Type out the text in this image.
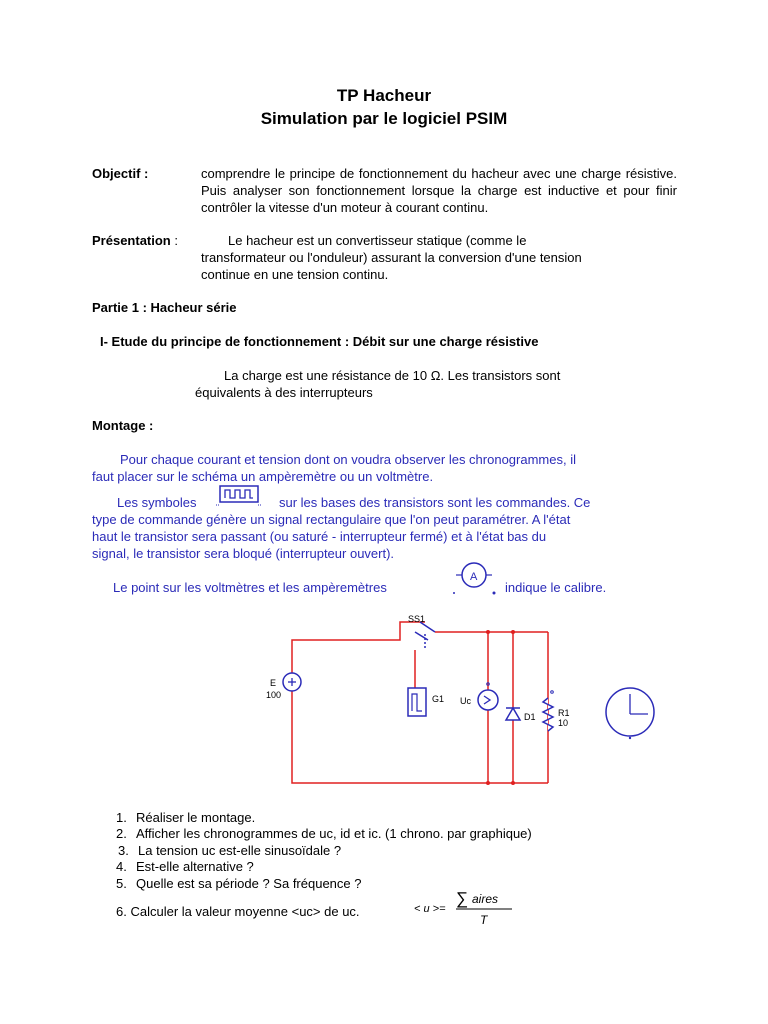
TP Hacheur
Simulation par le logiciel PSIM
Objectif :	comprendre le principe de fonctionnement du hacheur avec une charge résistive. Puis analyser son fonctionnement lorsque la charge est inductive et pour finir contrôler la vitesse d'un moteur à courant continu.
Présentation :	Le hacheur est un convertisseur statique (comme le
transformateur ou l'onduleur) assurant la conversion d'une tension
continue en une tension continu.
Partie 1 : Hacheur série
I- Etude du principe de fonctionnement : Débit sur une charge résistive
La charge est une résistance de 10 Ω. Les transistors sont
équivalents à des interrupteurs
Montage :
Pour chaque courant et tension dont on voudra observer les chronogrammes, il
faut placer sur le schéma un ampèremètre ou un voltmètre.
Les symboles	sur les bases des transistors sont les commandes. Ce
type de commande génère un signal rectangulaire que l'on peut paramétrer. A l'état
haut le transistor sera passant (ou saturé - interrupteur fermé) et à l'état bas du
signal, le transistor sera bloqué (interrupteur ouvert).
Le point sur les voltmètres et les ampèremètres
A
indique le calibre.
SS1
E
100	G1 Uc
D1 R1
10
1. Réaliser le montage.
2. Afficher les chronogrammes de uc, id et ic. (1 chrono. par graphique)
3. La tension uc est-elle sinusoïdale ?
4. Est-elle alternative ?
5. Quelle est sa période ? Sa fréquence ?
6. Calculer la valeur moyenne <uc> de uc.	< u >=
∑ aires
T
